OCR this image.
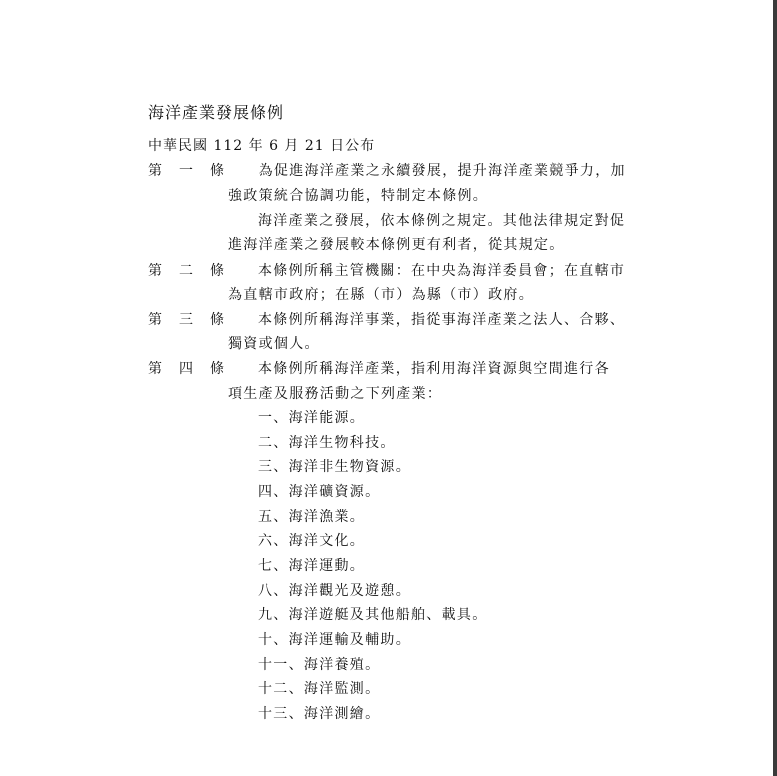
海洋產業發展條例
中華民國 112 年 6 月 21 日公布
第 一 條 　　為促進海洋產業之永續發展，提升海洋產業競爭力，加
強政策統合協調功能，特制定本條例。
海洋產業之發展，依本條例之規定。其他法律規定對促
進海洋產業之發展較本條例更有利者，從其規定。
第 二 條	本條例所稱主管機關：在中央為海洋委員會；在直轄市
為直轄市政府；在縣（市）為縣（市）政府。
第 三 條	本條例所稱海洋事業，指從事海洋產業之法人、合夥、
獨資或個人。
第 四 條	本條例所稱海洋產業，指利用海洋資源與空間進行各
項生產及服務活動之下列產業：
一、海洋能源。
二、海洋生物科技。
三、海洋非生物資源。
四、海洋礦資源。
五、海洋漁業。
六、海洋文化。
七、海洋運動。
八、海洋觀光及遊憩。
九、海洋遊艇及其他船舶、載具。
十、海洋運輸及輔助。
十一、海洋養殖。
十二、海洋監測。
十三、海洋測繪。
